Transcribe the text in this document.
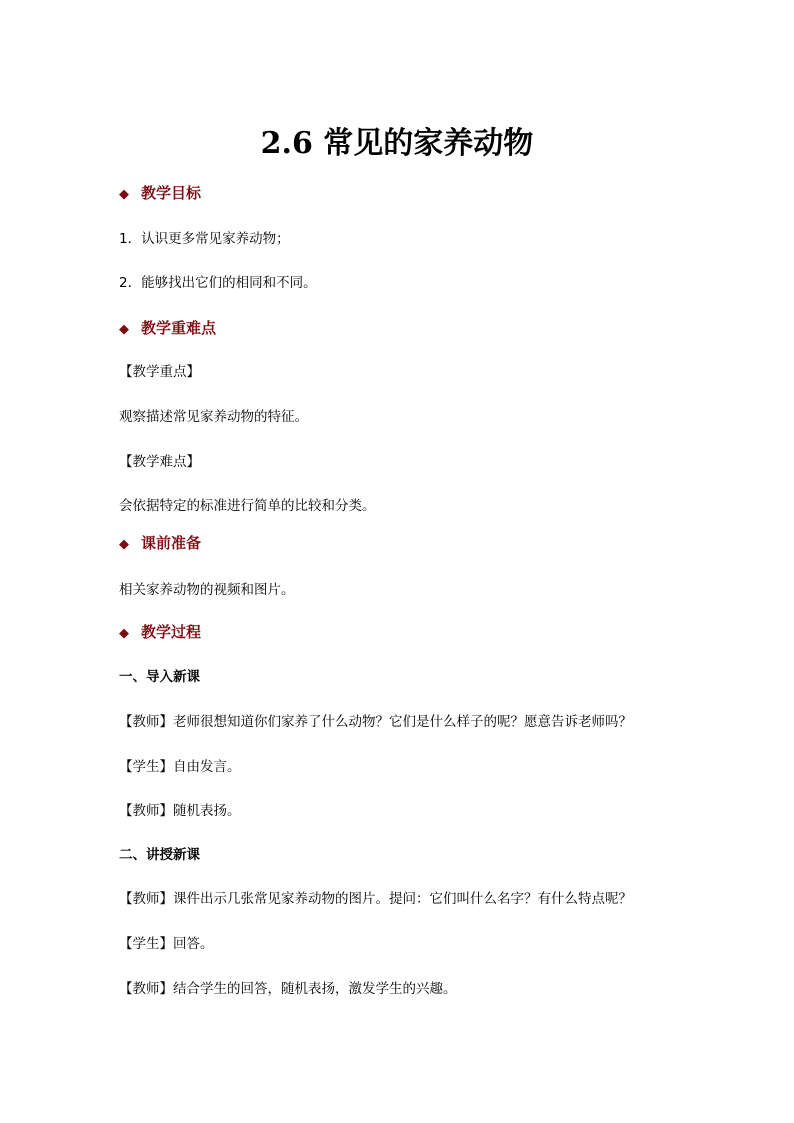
2.6 常见的家养动物
◆ 教学目标
1．认识更多常见家养动物；
2．能够找出它们的相同和不同。
◆ 教学重难点
【教学重点】
观察描述常见家养动物的特征。
【教学难点】
会依据特定的标准进行简单的比较和分类。
◆ 课前准备
相关家养动物的视频和图片。
◆ 教学过程
一、导入新课
【教师】老师很想知道你们家养了什么动物？它们是什么样子的呢？愿意告诉老师吗？
【学生】自由发言。
【教师】随机表扬。
二、讲授新课
【教师】课件出示几张常见家养动物的图片。提问：它们叫什么名字？有什么特点呢？
【学生】回答。
【教师】结合学生的回答，随机表扬，激发学生的兴趣。
